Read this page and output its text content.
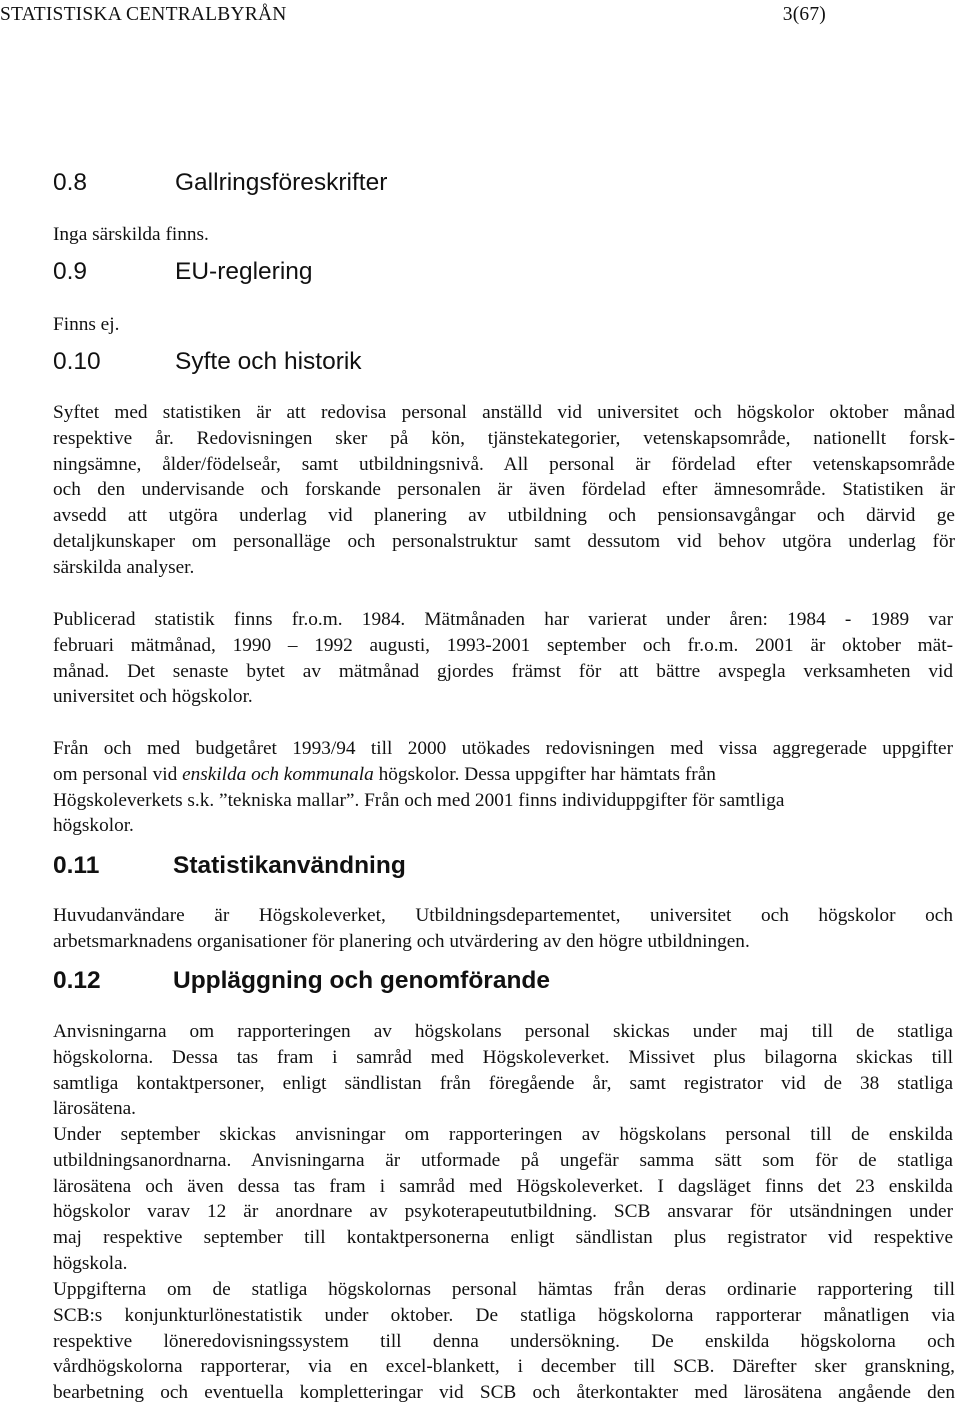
STATISTISKA CENTRALBYRÅN	3(67)
0.8	Gallringsföreskrifter
Inga särskilda finns.
0.9	EU-reglering
Finns ej.
0.10	Syfte och historik
Syftet med statistiken är att redovisa personal anställd vid universitet och högskolor oktober månad
respektive år. Redovisningen sker på kön, tjänstekategorier, vetenskapsområde, nationellt forsk-
ningsämne, ålder/födelseår, samt utbildningsnivå. All personal är fördelad efter vetenskapsområde
och den undervisande och forskande personalen är även fördelad efter ämnesområde. Statistiken är
avsedd att utgöra underlag vid planering av utbildning och pensionsavgångar och därvid ge
detaljkunskaper om personalläge och personalstruktur samt dessutom vid behov utgöra underlag för
särskilda analyser.
Publicerad statistik finns fr.o.m. 1984. Mätmånaden har varierat under åren: 1984 - 1989 var
februari mätmånad, 1990 – 1992 augusti, 1993-2001 september och fr.o.m. 2001 är oktober mät-
månad. Det senaste bytet av mätmånad gjordes främst för att bättre avspegla verksamheten vid
universitet och högskolor.
Från och med budgetåret 1993/94 till 2000 utökades redovisningen med vissa aggregerade uppgifter
om personal vid enskilda och kommunala högskolor. Dessa uppgifter har hämtats från
Högskoleverkets s.k. ”tekniska mallar”. Från och med 2001 finns individuppgifter för samtliga
högskolor.
0.11	Statistikanvändning
Huvudanvändare är Högskoleverket, Utbildningsdepartementet, universitet och högskolor och
arbetsmarknadens organisationer för planering och utvärdering av den högre utbildningen.
0.12	Uppläggning och genomförande
Anvisningarna om rapporteringen av högskolans personal skickas under maj till de statliga
högskolorna. Dessa tas fram i samråd med Högskoleverket. Missivet plus bilagorna skickas till
samtliga kontaktpersoner, enligt sändlistan från föregående år, samt registrator vid de 38 statliga
lärosätena.
Under september skickas anvisningar om rapporteringen av högskolans personal till de enskilda
utbildningsanordnarna. Anvisningarna är utformade på ungefär samma sätt som för de statliga
lärosätena och även dessa tas fram i samråd med Högskoleverket. I dagsläget finns det 23 enskilda
högskolor varav 12 är anordnare av psykoterapeututbildning. SCB ansvarar för utsändningen under
maj respektive september till kontaktpersonerna enligt sändlistan plus registrator vid respektive
högskola.
Uppgifterna om de statliga högskolornas personal hämtas från deras ordinarie rapportering till
SCB:s konjunkturlönestatistik under oktober. De statliga högskolorna rapporterar månatligen via
respektive löneredovisningssystem till denna undersökning. De enskilda högskolorna och
vårdhögskolorna rapporterar, via en excel-blankett, i december till SCB. Därefter sker granskning,
bearbetning och eventuella kompletteringar vid SCB och återkontakter med lärosätena angående den
